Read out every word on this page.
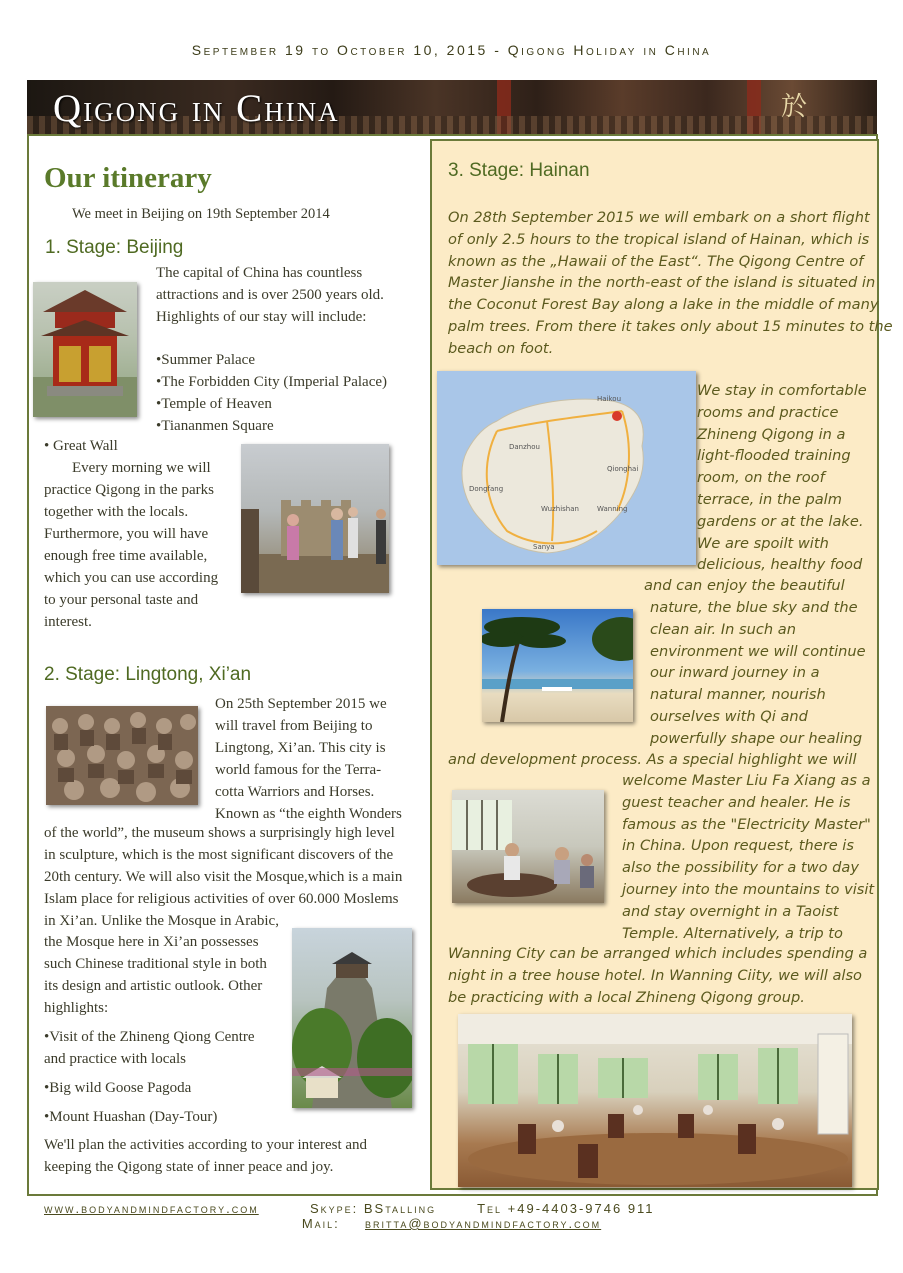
September 19 to October 10, 2015 - Qigong Holiday in China
Qigong in China	於
Our itinerary
We meet in Beijing on 19th September 2014
1. Stage: Beijing
The capital of China has countless
attractions and is over 2500 years old.
Highlights of our stay will include:
•Summer Palace
•The Forbidden City (Imperial Palace)
•Temple of Heaven
•Tiananmen Square
• Great Wall
Every morning we will
practice Qigong in the parks
together with the locals.
Furthermore, you will have
enough free time available,
which you can use according
to your personal taste and
interest.
2. Stage: Lingtong, Xi’an
On 25th September 2015 we
will travel from Beijing to
Lingtong, Xi’an. This city is
world famous for the Terra-
cotta Warriors and Horses.
Known as “the eighth Wonders
of the world”, the museum shows a surprisingly high level
in sculpture, which is the most significant discovers of the
20th century. We will also visit the Mosque,which is a main
Islam place for religious activities of over 60.000 Moslems
in Xi’an. Unlike the Mosque in Arabic,
the Mosque here in Xi’an possesses
such Chinese traditional style in both
its design and artistic outlook. Other
highlights:
•Visit of the Zhineng Qiong Centre
and practice with locals
•Big wild Goose Pagoda
•Mount Huashan (Day-Tour)
We'll plan the activities according to your interest and
keeping the Qigong state of inner peace and joy.
3. Stage: Hainan
On 28th September 2015 we will embark on a short flight
of only 2.5 hours to the tropical island of Hainan, which is
known as the „Hawaii of the East“. The Qigong Centre of
Master Jianshe in the north-east of the island is situated in
the Coconut Forest Bay along a lake in the middle of many
palm trees. From there it takes only about 15 minutes to the
beach on foot.
Haikou
Danzhou
Qionghai
Wanning
Sanya
Dongfang
Wuzhishan
We stay in comfortable
rooms and practice
Zhineng Qigong in a
light-flooded training
room, on the roof
terrace, in the palm
gardens or at the lake.
We are spoilt with
delicious, healthy food
and can enjoy the beautiful
nature, the blue sky and the
clean air. In such an
environment we will continue
our inward journey in a
natural manner, nourish
ourselves with Qi and
powerfully shape our healing
and development process. As a special highlight we will
welcome Master Liu Fa Xiang as a
guest teacher and healer. He is
famous as the "Electricity Master"
in China. Upon request, there is
also the possibility for a two day
journey into the mountains to visit
and stay overnight in a Taoist
Temple. Alternatively, a trip to
Wanning City can be arranged which includes spending a
night in a tree house hotel. In Wanning Ciity, we will also
be practicing with a local Zhineng Qigong group.
www.bodyandmindfactory.com	Skype: BStalling	Tel +49-4403-9746 911
Mail: britta@bodyandmindfactory.com
